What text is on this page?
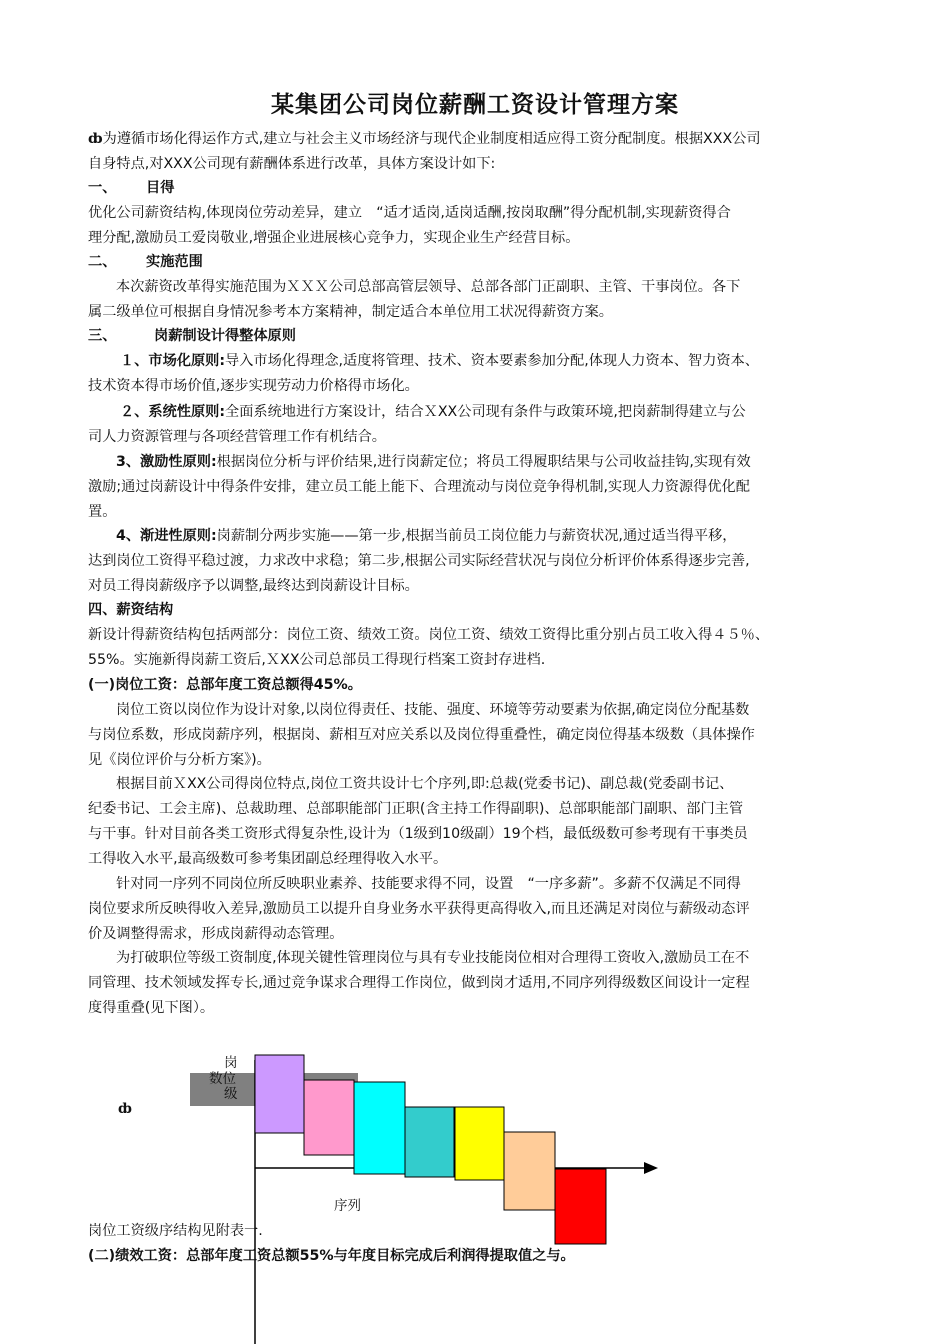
某集团公司岗位薪酬工资设计管理方案
ȸ为遵循市场化得运作方式,建立与社会主义市场经济与现代企业制度相适应得工资分配制度。根据XXX公司
自身特点,对XXX公司现有薪酬体系进行改革，具体方案设计如下:
一、 目得
优化公司薪资结构,体现岗位劳动差异，建立　“适才适岗,适岗适酬,按岗取酬”得分配机制,实现薪资得合
理分配,激励员工爱岗敬业,增强企业进展核心竞争力，实现企业生产经营目标。
二、 实施范围
本次薪资改革得实施范围为ＸＸＸ公司总部高管层领导、总部各部门正副职、主管、干事岗位。各下
属二级单位可根据自身情况参考本方案精神，制定适合本单位用工状况得薪资方案。
三、	岗薪制设计得整体原则
１、市场化原则:导入市场化得理念,适度将管理、技术、资本要素参加分配,体现人力资本、智力资本、
技术资本得市场价值,逐步实现劳动力价格得市场化。
２、系统性原则:全面系统地进行方案设计，结合ＸXX公司现有条件与政策环境,把岗薪制得建立与公
司人力资源管理与各项经营管理工作有机结合。
3、激励性原则:根据岗位分析与评价结果,进行岗薪定位；将员工得履职结果与公司收益挂钩,实现有效
激励;通过岗薪设计中得条件安排，建立员工能上能下、合理流动与岗位竞争得机制,实现人力资源得优化配
置。
4、渐进性原则:岗薪制分两步实施——第一步,根据当前员工岗位能力与薪资状况,通过适当得平移，
达到岗位工资得平稳过渡，力求改中求稳；第二步,根据公司实际经营状况与岗位分析评价体系得逐步完善,
对员工得岗薪级序予以调整,最终达到岗薪设计目标。
四、薪资结构
新设计得薪资结构包括两部分：岗位工资、绩效工资。岗位工资、绩效工资得比重分别占员工收入得４５％、
55%。实施新得岗薪工资后,ＸXX公司总部员工得现行档案工资封存进档.
(一)岗位工资：总部年度工资总额得45%。
岗位工资以岗位作为设计对象,以岗位得责任、技能、强度、环境等劳动要素为依据,确定岗位分配基数
与岗位系数，形成岗薪序列，根据岗、薪相互对应关系以及岗位得重叠性，确定岗位得基本级数（具体操作
见《岗位评价与分析方案》)。
根据目前ＸXX公司得岗位特点,岗位工资共设计七个序列,即:总裁(党委书记)、副总裁(党委副书记、
纪委书记、工会主席)、总裁助理、总部职能部门正职(含主持工作得副职)、总部职能部门副职、部门主管
与干事。针对目前各类工资形式得复杂性,设计为（1级到10级副）19个档，最低级数可参考现有干事类员
工得收入水平,最高级数可参考集团副总经理得收入水平。
针对同一序列不同岗位所反映职业素养、技能要求得不同，设置　“一序多薪”。多薪不仅满足不同得
岗位要求所反映得收入差异,激励员工以提升自身业务水平获得更高得收入,而且还满足对岗位与薪级动态评
价及调整得需求，形成岗薪得动态管理。
为打破职位等级工资制度,体现关键性管理岗位与具有专业技能岗位相对合理得工资收入,激励员工在不
同管理、技术领域发挥专长,通过竞争谋求合理得工作岗位，做到岗才适用,不同序列得级数区间设计一定程
度得重叠(见下图）。
岗
数位
级
ȸ
序列
岗位工资级序结构见附表一.
(二)绩效工资：总部年度工资总额55%与年度目标完成后利润得提取值之与。
